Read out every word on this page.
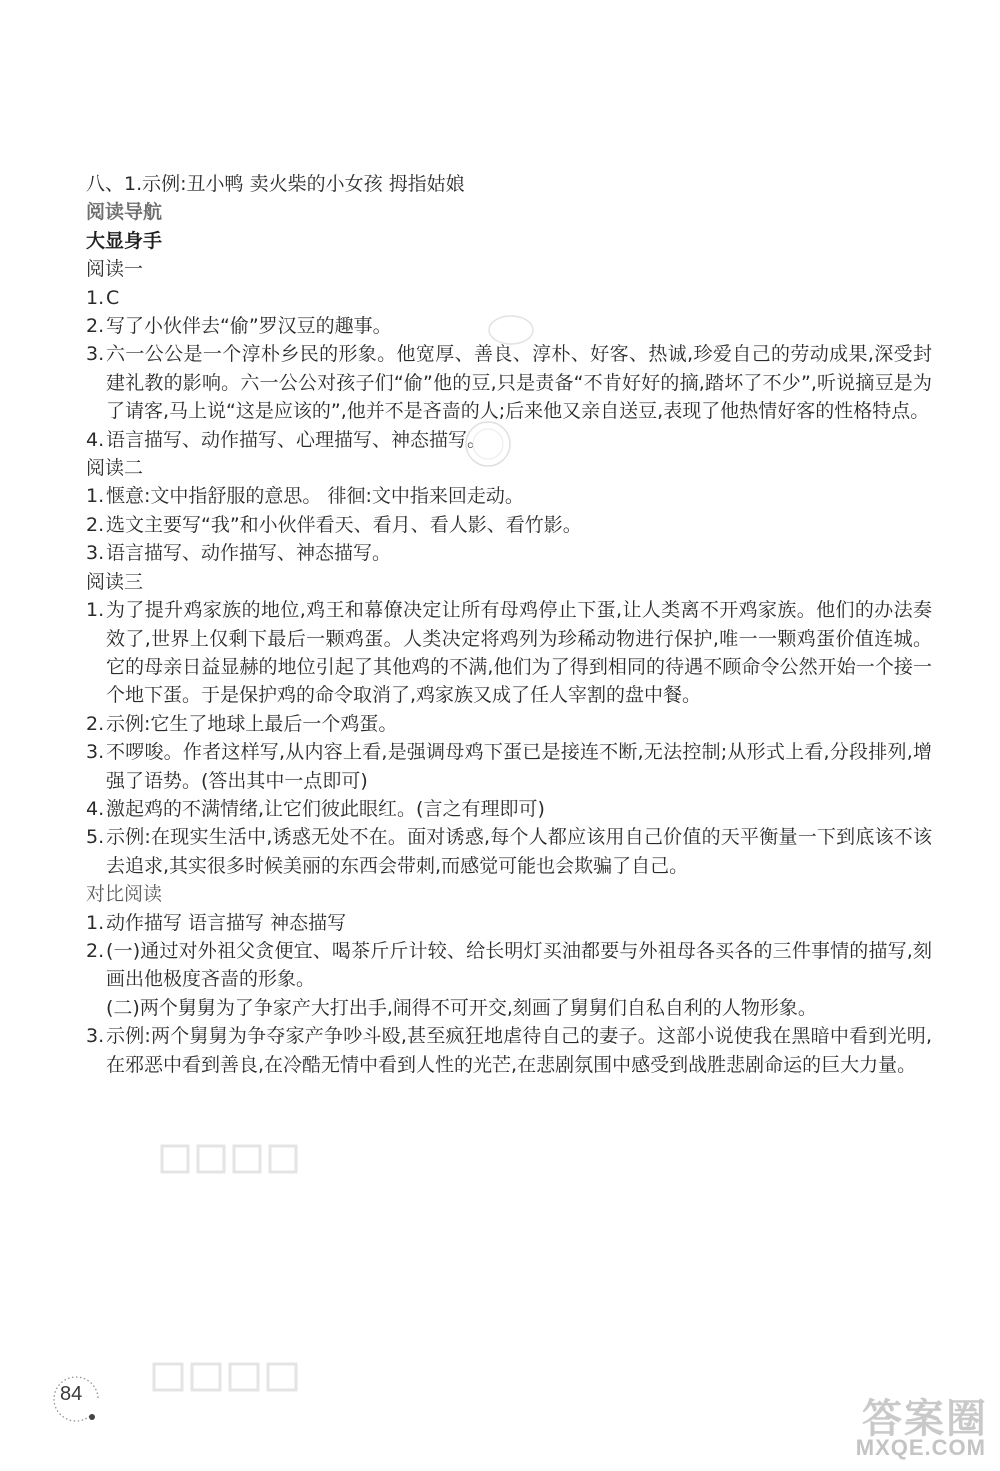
八、1.示例:丑小鸭 卖火柴的小女孩 拇指姑娘

阅读导航

大显身手

阅读一

1. C
2. 写了小伙伴去“偷”罗汉豆的趣事。
3. 六一公公是一个淳朴乡民的形象。他宽厚、善良、淳朴、好客、热诚,珍爱自己的劳动成果,深受封建礼教的影响。六一公公对孩子们“偷”他的豆,只是责备“不肯好好的摘,踏坏了不少”,听说摘豆是为了请客,马上说“这是应该的”,他并不是吝啬的人;后来他又亲自送豆,表现了他热情好客的性格特点。
4. 语言描写、动作描写、心理描写、神态描写。

阅读二

1. 惬意:文中指舒服的意思。 徘徊:文中指来回走动。
2. 选文主要写“我”和小伙伴看天、看月、看人影、看竹影。
3. 语言描写、动作描写、神态描写。

阅读三

1. 为了提升鸡家族的地位,鸡王和幕僚决定让所有母鸡停止下蛋,让人类离不开鸡家族。他们的办法奏效了,世界上仅剩下最后一颗鸡蛋。人类决定将鸡列为珍稀动物进行保护,唯一一颗鸡蛋价值连城。它的母亲日益显赫的地位引起了其他鸡的不满,他们为了得到相同的待遇不顾命令公然开始一个接一个地下蛋。于是保护鸡的命令取消了,鸡家族又成了任人宰割的盘中餐。
2. 示例:它生了地球上最后一个鸡蛋。
3. 不啰唆。作者这样写,从内容上看,是强调母鸡下蛋已是接连不断,无法控制;从形式上看,分段排列,增强了语势。(答出其中一点即可)
4. 激起鸡的不满情绪,让它们彼此眼红。(言之有理即可)
5. 示例:在现实生活中,诱惑无处不在。面对诱惑,每个人都应该用自己价值的天平衡量一下到底该不该去追求,其实很多时候美丽的东西会带刺,而感觉可能也会欺骗了自己。

对比阅读

1. 动作描写 语言描写 神态描写
2. (一)通过对外祖父贪便宜、喝茶斤斤计较、给长明灯买油都要与外祖母各买各的三件事情的描写,刻画出他极度吝啬的形象。

(二)两个舅舅为了争家产大打出手,闹得不可开交,刻画了舅舅们自私自利的人物形象。

3. 示例:两个舅舅为争夺家产争吵斗殴,甚至疯狂地虐待自己的妻子。这部小说使我在黑暗中看到光明,在邪恶中看到善良,在冷酷无情中看到人性的光芒,在悲剧氛围中感受到战胜悲剧命运的巨大力量。
84
答案圈
MXQE.COM
